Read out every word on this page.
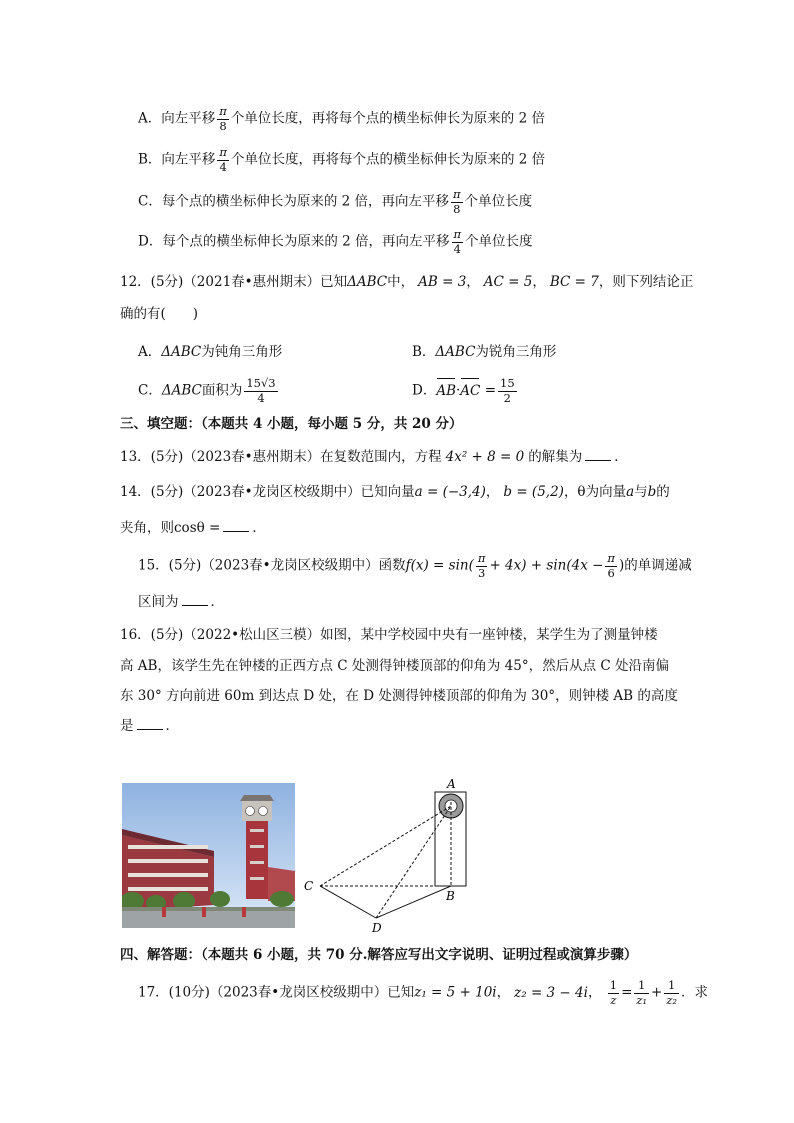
A．向左平移 $\frac{\pi}{8}$ 个单位长度，再将每个点的横坐标伸长为原来的 2 倍
B．向左平移 $\frac{\pi}{4}$ 个单位长度，再将每个点的横坐标伸长为原来的 2 倍
C．每个点的横坐标伸长为原来的 2 倍，再向左平移 $\frac{\pi}{8}$ 个单位长度
D．每个点的横坐标伸长为原来的 2 倍，再向左平移 $\frac{\pi}{4}$ 个单位长度
12．(5分)（2021春•惠州期末）已知ΔABC中， AB = 3， AC = 5， BC = 7，则下列结论正
确的有(　　)
A．ΔABC为钝角三角形	B．ΔABC为锐角三角形
C．ΔABC面积为 $\frac{15√3}{4}$	D．$AB\cdot AC = \frac{15}{2}$
三、填空题：（本题共 4 小题，每小题 5 分，共 20 分）
13．(5分)（2023春•惠州期末）在复数范围内，方程 4x² + 8 = 0 的解集为 ．
14．(5分)（2023春•龙岗区校级期中）已知向量a = (−3,4)， b = (5,2)，θ为向量a与b的
夹角，则cosθ = ．
15．(5分)（2023春•龙岗区校级期中）函数$f(x) = \sin( \frac{\pi}{3} + 4x) + \sin(4x - \frac{\pi}{6}$ )的单调递减
区间为 ．
16．(5分)（2022•松山区三模）如图，某中学校园中央有一座钟楼，某学生为了测量钟楼
高 AB，该学生先在钟楼的正西方点 C 处测得钟楼顶部的仰角为 45°，然后从点 C 处沿南偏
东 30° 方向前进 60m 到达点 D 处，在 D 处测得钟楼顶部的仰角为 30°，则钟楼 AB 的高度
是 ．
A
B
C
D
四、解答题：（本题共 6 小题，共 70 分.解答应写出文字说明、证明过程或演算步骤）
17．(10分)（2023春•龙岗区校级期中）已知z₁ = 5 + 10i， z₂ = 3 − 4i， $\frac{1}{z} = \frac{1}{\text{z₁}} + \frac{1}{\text{z₂}}$ ．求
